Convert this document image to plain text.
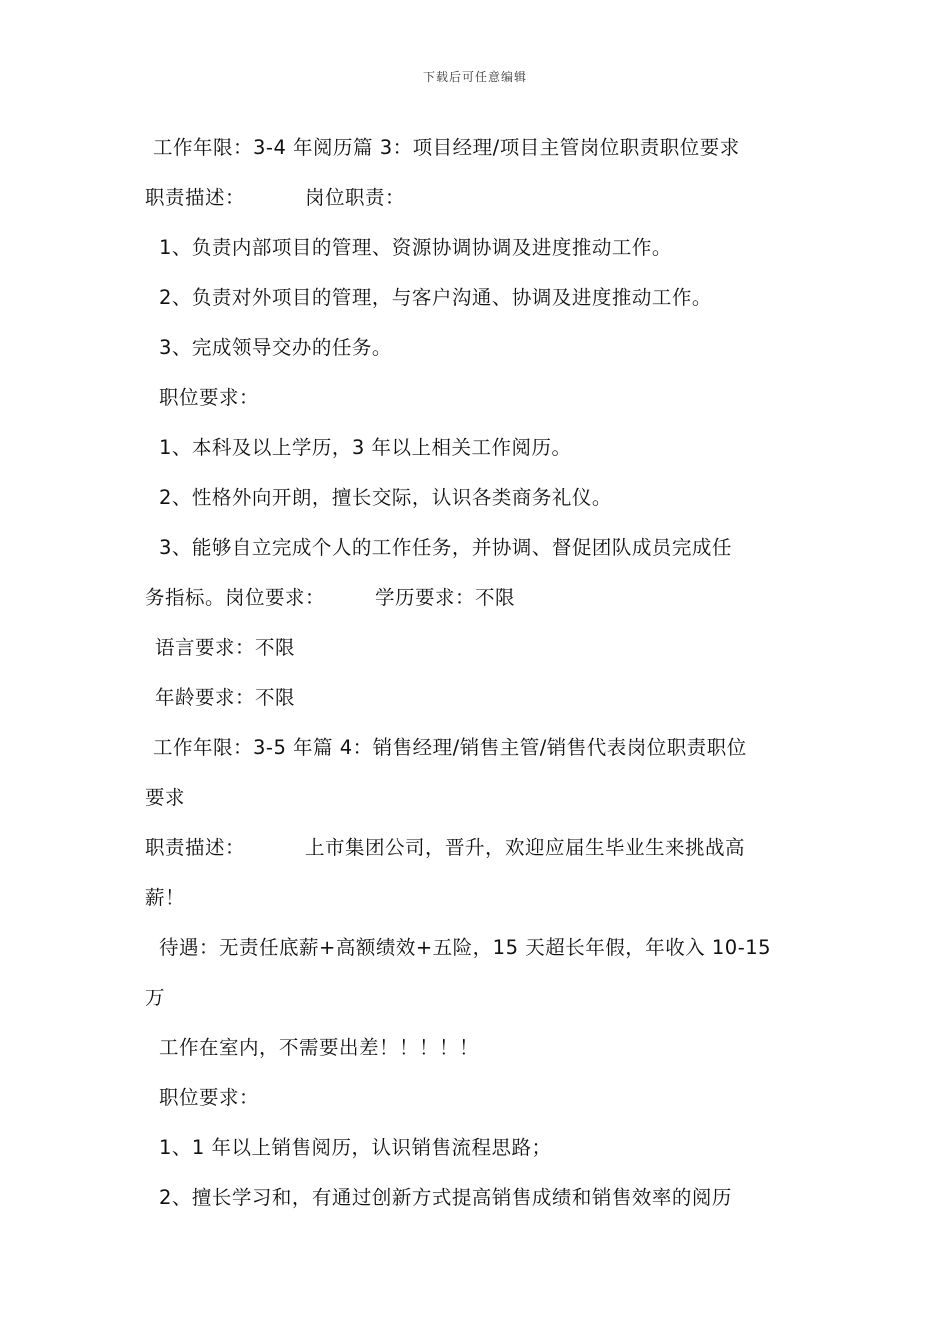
下载后可任意编辑
工作年限：3-4 年阅历篇 3：项目经理/项目主管岗位职责职位要求
职责描述：	岗位职责：
1、负责内部项目的管理、资源协调协调及进度推动工作。
2、负责对外项目的管理，与客户沟通、协调及进度推动工作。
3、完成领导交办的任务。
职位要求：
1、本科及以上学历，3 年以上相关工作阅历。
2、性格外向开朗，擅长交际，认识各类商务礼仪。
3、能够自立完成个人的工作任务，并协调、督促团队成员完成任
务指标。岗位要求：	学历要求：不限
语言要求：不限
年龄要求：不限
工作年限：3-5 年篇 4：销售经理/销售主管/销售代表岗位职责职位
要求
职责描述：	上市集团公司，晋升，欢迎应届生毕业生来挑战高
薪！
待遇：无责任底薪+高额绩效+五险，15 天超长年假，年收入 10-15
万
工作在室内，不需要出差！！！！！
职位要求：
1、1 年以上销售阅历，认识销售流程思路；
2、擅长学习和，有通过创新方式提高销售成绩和销售效率的阅历
